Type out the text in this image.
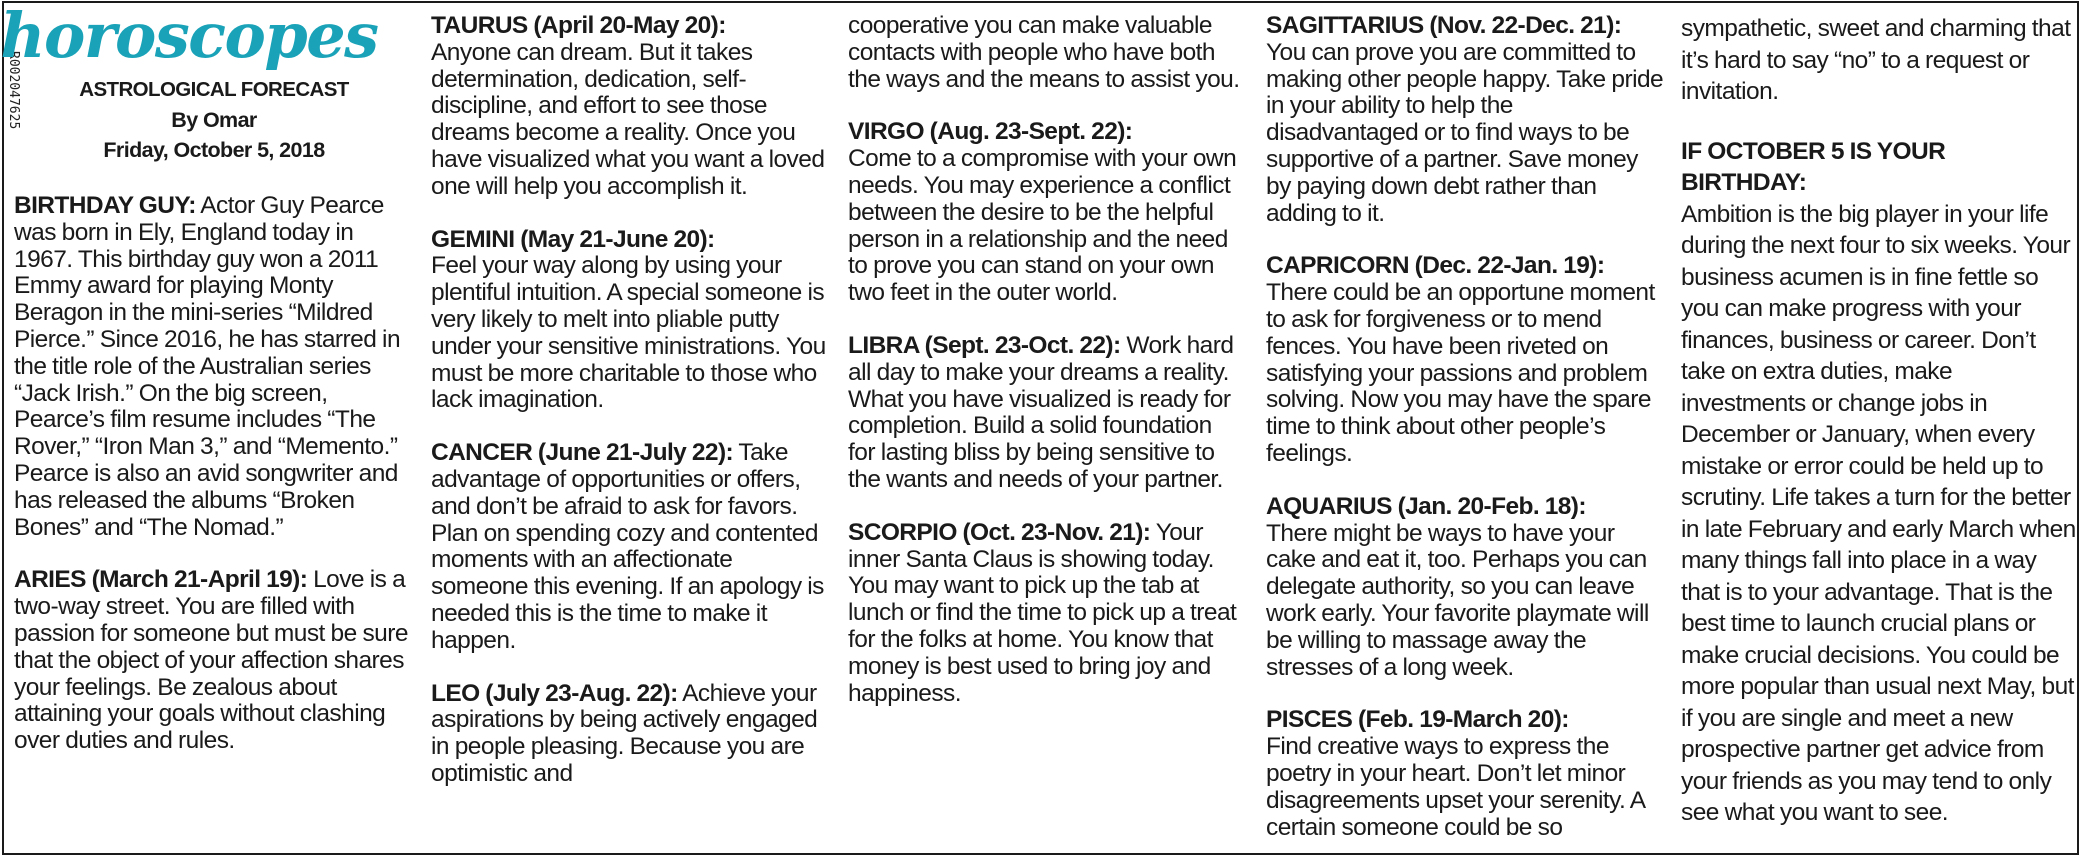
R002047625
horoscopes
ASTROLOGICAL FORECAST
By Omar
Friday, October 5, 2018

BIRTHDAY GUY: Actor Guy Pearce was born in Ely, England today in 1967. This birthday guy won a 2011 Emmy award for playing Monty Beragon in the mini-series “Mildred Pierce.” Since 2016, he has starred in the title role of the Australian series “Jack Irish.” On the big screen, Pearce’s film resume includes “The Rover,” “Iron Man 3,” and “Memento.” Pearce is also an avid songwriter and has released the albums “Broken Bones” and “The Nomad.”

ARIES (March 21-April 19): Love is a two-way street. You are filled with passion for someone but must be sure that the object of your affection shares your feelings. Be zealous about attaining your goals without clashing over duties and rules.

TAURUS (April 20-May 20):
Anyone can dream. But it takes determination, dedication, self-discipline, and effort to see those dreams become a reality. Once you have visualized what you want a loved one will help you accomplish it.

GEMINI (May 21-June 20):
Feel your way along by using your plentiful intuition. A special someone is very likely to melt into pliable putty under your sensitive ministrations. You must be more charitable to those who lack imagination.

CANCER (June 21-July 22): Take advantage of opportunities or offers, and don’t be afraid to ask for favors. Plan on spending cozy and contented moments with an affectionate someone this evening. If an apology is needed this is the time to make it happen.

LEO (July 23-Aug. 22): Achieve your aspirations by being actively engaged in people pleasing. Because you are optimistic and

cooperative you can make valuable contacts with people who have both the ways and the means to assist you.

VIRGO (Aug. 23-Sept. 22):
Come to a compromise with your own needs. You may experience a conflict between the desire to be the helpful person in a relationship and the need to prove you can stand on your own two feet in the outer world.

LIBRA (Sept. 23-Oct. 22): Work hard all day to make your dreams a reality. What you have visualized is ready for completion. Build a solid foundation for lasting bliss by being sensitive to the wants and needs of your partner.

SCORPIO (Oct. 23-Nov. 21): Your inner Santa Claus is showing today. You may want to pick up the tab at lunch or find the time to pick up a treat for the folks at home. You know that money is best used to bring joy and happiness.

SAGITTARIUS (Nov. 22-Dec. 21):
You can prove you are committed to making other people happy. Take pride in your ability to help the disadvantaged or to find ways to be supportive of a partner. Save money by paying down debt rather than adding to it.

CAPRICORN (Dec. 22-Jan. 19):
There could be an opportune moment to ask for forgiveness or to mend fences. You have been riveted on satisfying your passions and problem solving. Now you may have the spare time to think about other people’s feelings.

AQUARIUS (Jan. 20-Feb. 18):
There might be ways to have your cake and eat it, too. Perhaps you can delegate authority, so you can leave work early. Your favorite playmate will be willing to massage away the stresses of a long week.

PISCES (Feb. 19-March 20):
Find creative ways to express the poetry in your heart. Don’t let minor disagreements upset your serenity. A certain someone could be so

sympathetic, sweet and charming that it’s hard to say “no” to a request or invitation.

IF OCTOBER 5 IS YOUR BIRTHDAY:
Ambition is the big player in your life during the next four to six weeks. Your business acumen is in fine fettle so you can make progress with your finances, business or career. Don’t take on extra duties, make investments or change jobs in December or January, when every mistake or error could be held up to scrutiny. Life takes a turn for the better in late February and early March when many things fall into place in a way that is to your advantage. That is the best time to launch crucial plans or make crucial decisions. You could be more popular than usual next May, but if you are single and meet a new prospective partner get advice from your friends as you may tend to only see what you want to see.
